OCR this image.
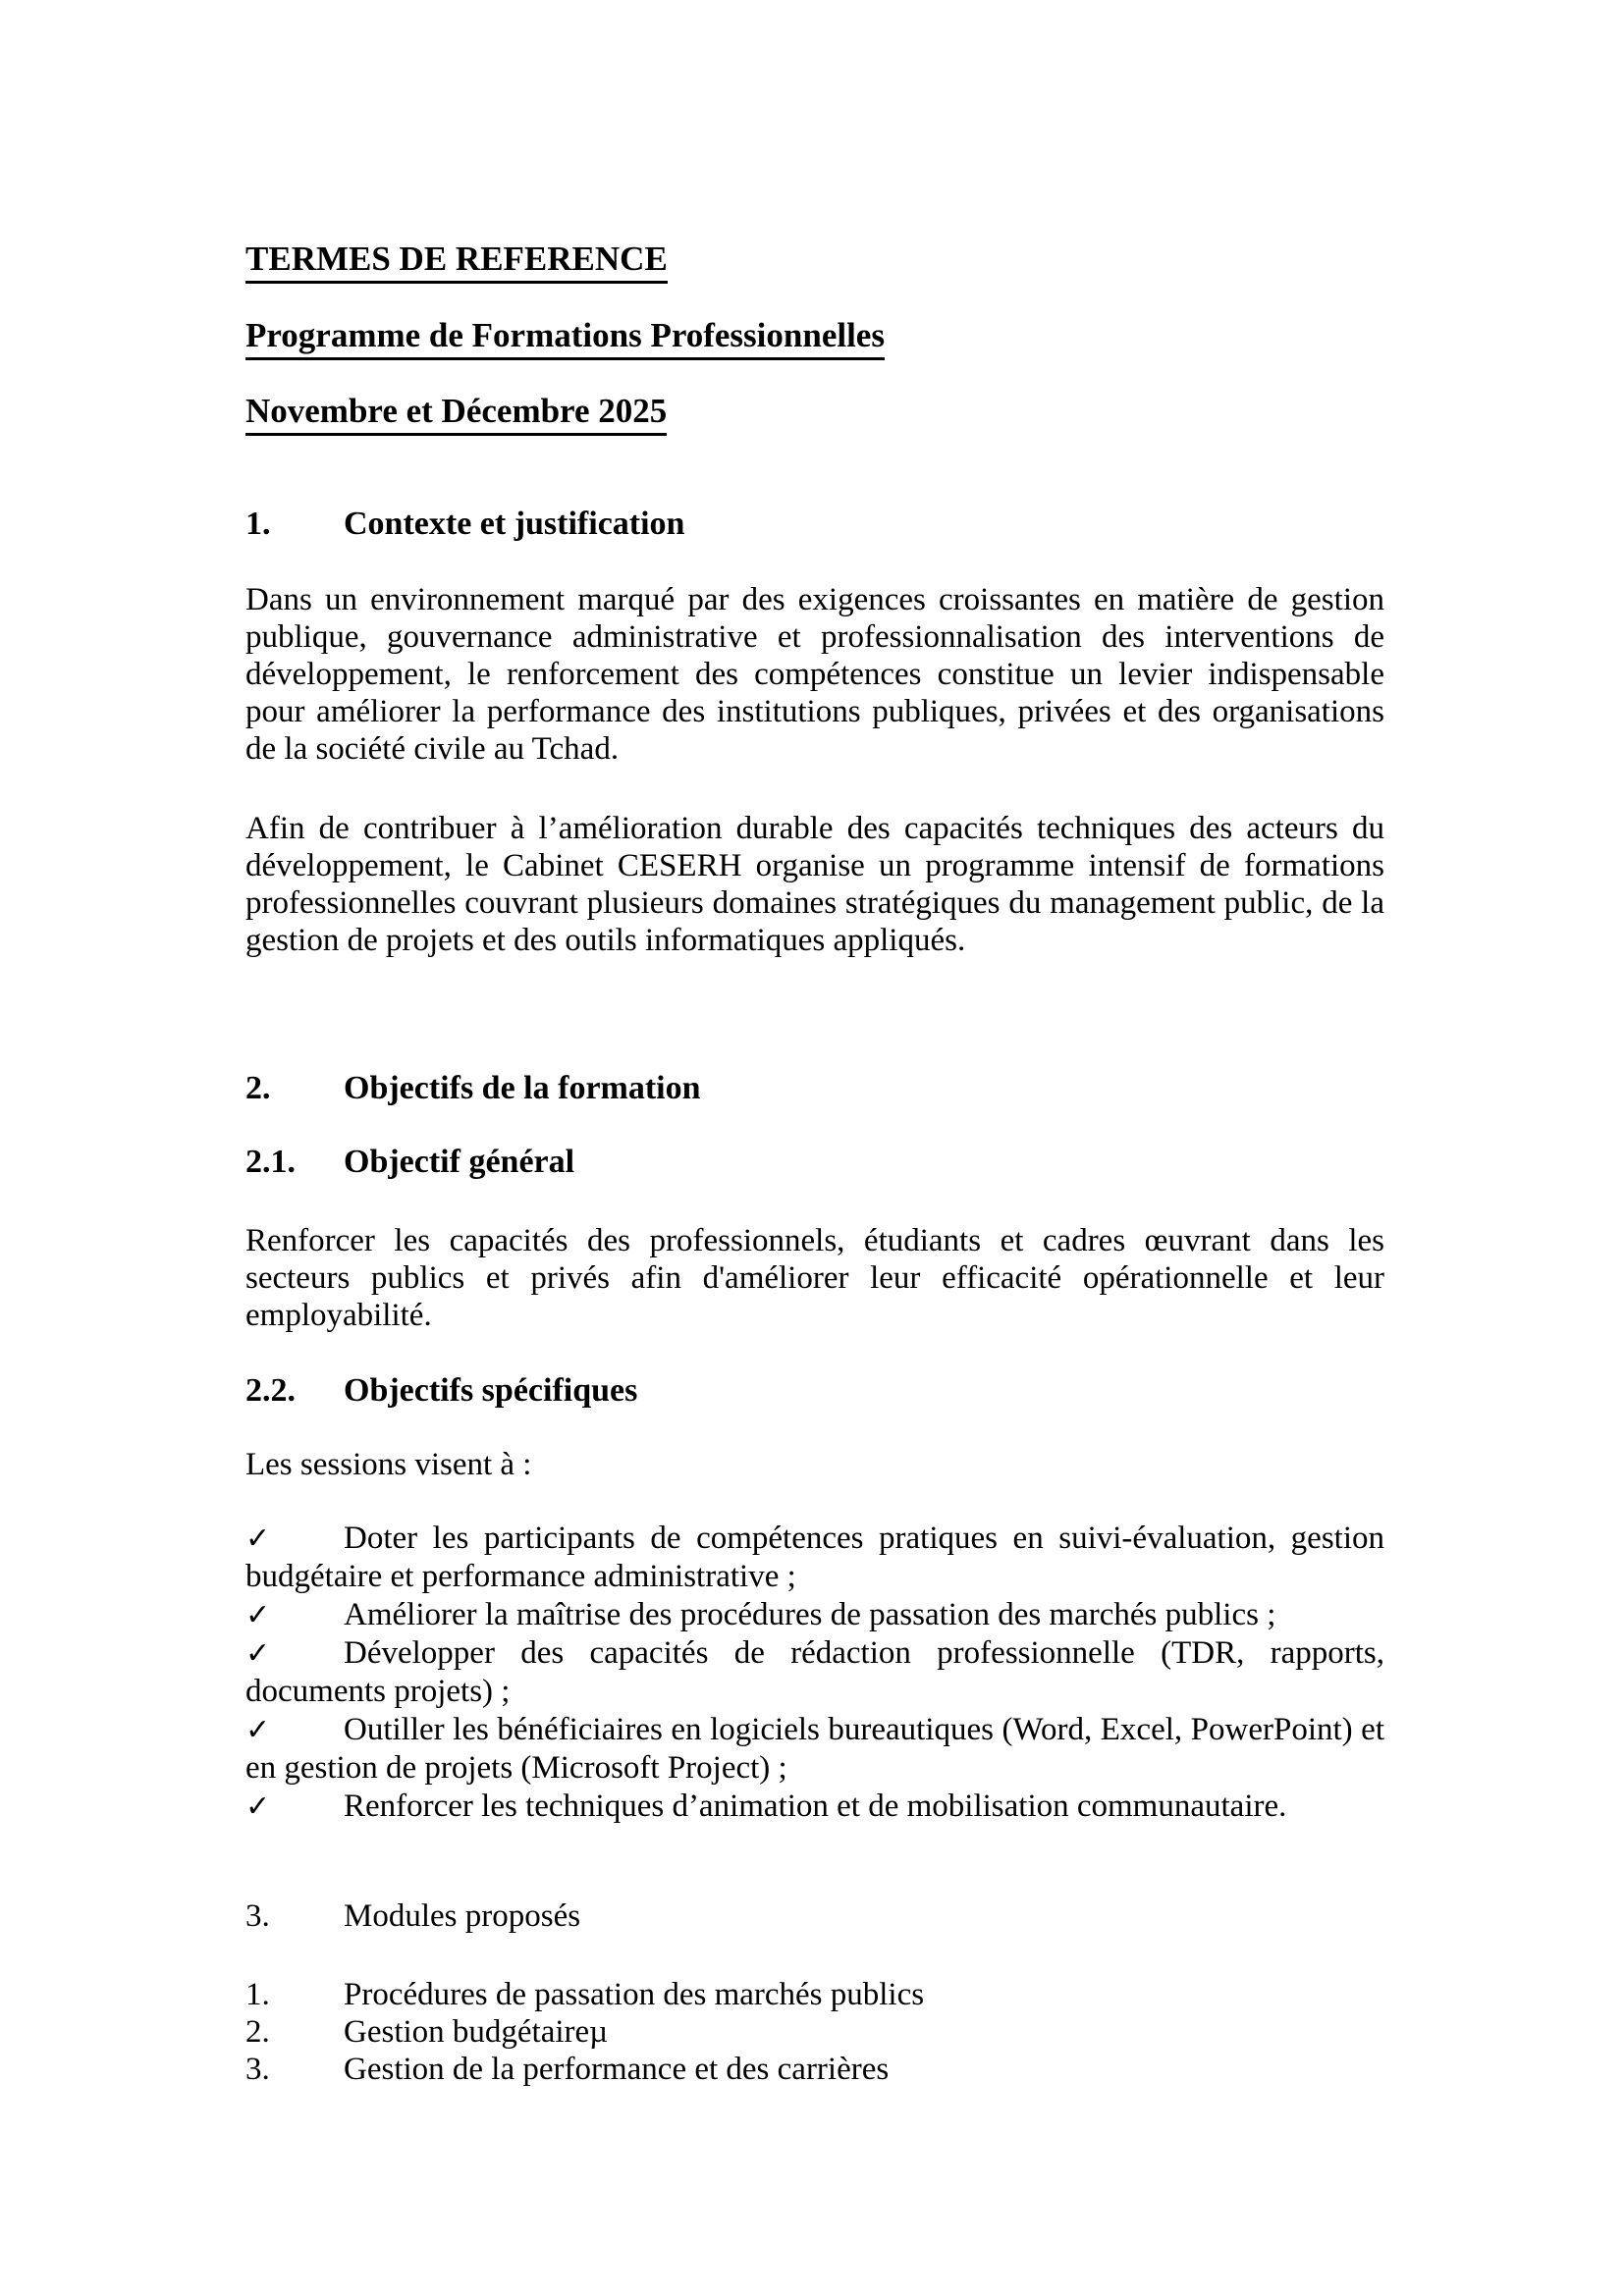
TERMES DE REFERENCE

Programme de Formations Professionnelles

Novembre et Décembre 2025

1. Contexte et justification

Dans un environnement marqué par des exigences croissantes en matière de gestion publique, gouvernance administrative et professionnalisation des interventions de développement, le renforcement des compétences constitue un levier indispensable pour améliorer la performance des institutions publiques, privées et des organisations de la société civile au Tchad.

Afin de contribuer à l’amélioration durable des capacités techniques des acteurs du développement, le Cabinet CESERH organise un programme intensif de formations professionnelles couvrant plusieurs domaines stratégiques du management public, de la gestion de projets et des outils informatiques appliqués.

2. Objectifs de la formation

2.1. Objectif général

Renforcer les capacités des professionnels, étudiants et cadres œuvrant dans les secteurs publics et privés afin d'améliorer leur efficacité opérationnelle et leur employabilité.

2.2. Objectifs spécifiques

Les sessions visent à :

✓ Doter les participants de compétences pratiques en suivi-évaluation, gestion budgétaire et performance administrative ;

✓ Améliorer la maîtrise des procédures de passation des marchés publics ;

✓ Développer des capacités de rédaction professionnelle (TDR, rapports, documents projets) ;

✓ Outiller les bénéficiaires en logiciels bureautiques (Word, Excel, PowerPoint) et en gestion de projets (Microsoft Project) ;

✓ Renforcer les techniques d’animation et de mobilisation communautaire.

3. Modules proposés

1. Procédures de passation des marchés publics

2. Gestion budgétaireµ

3. Gestion de la performance et des carrières
